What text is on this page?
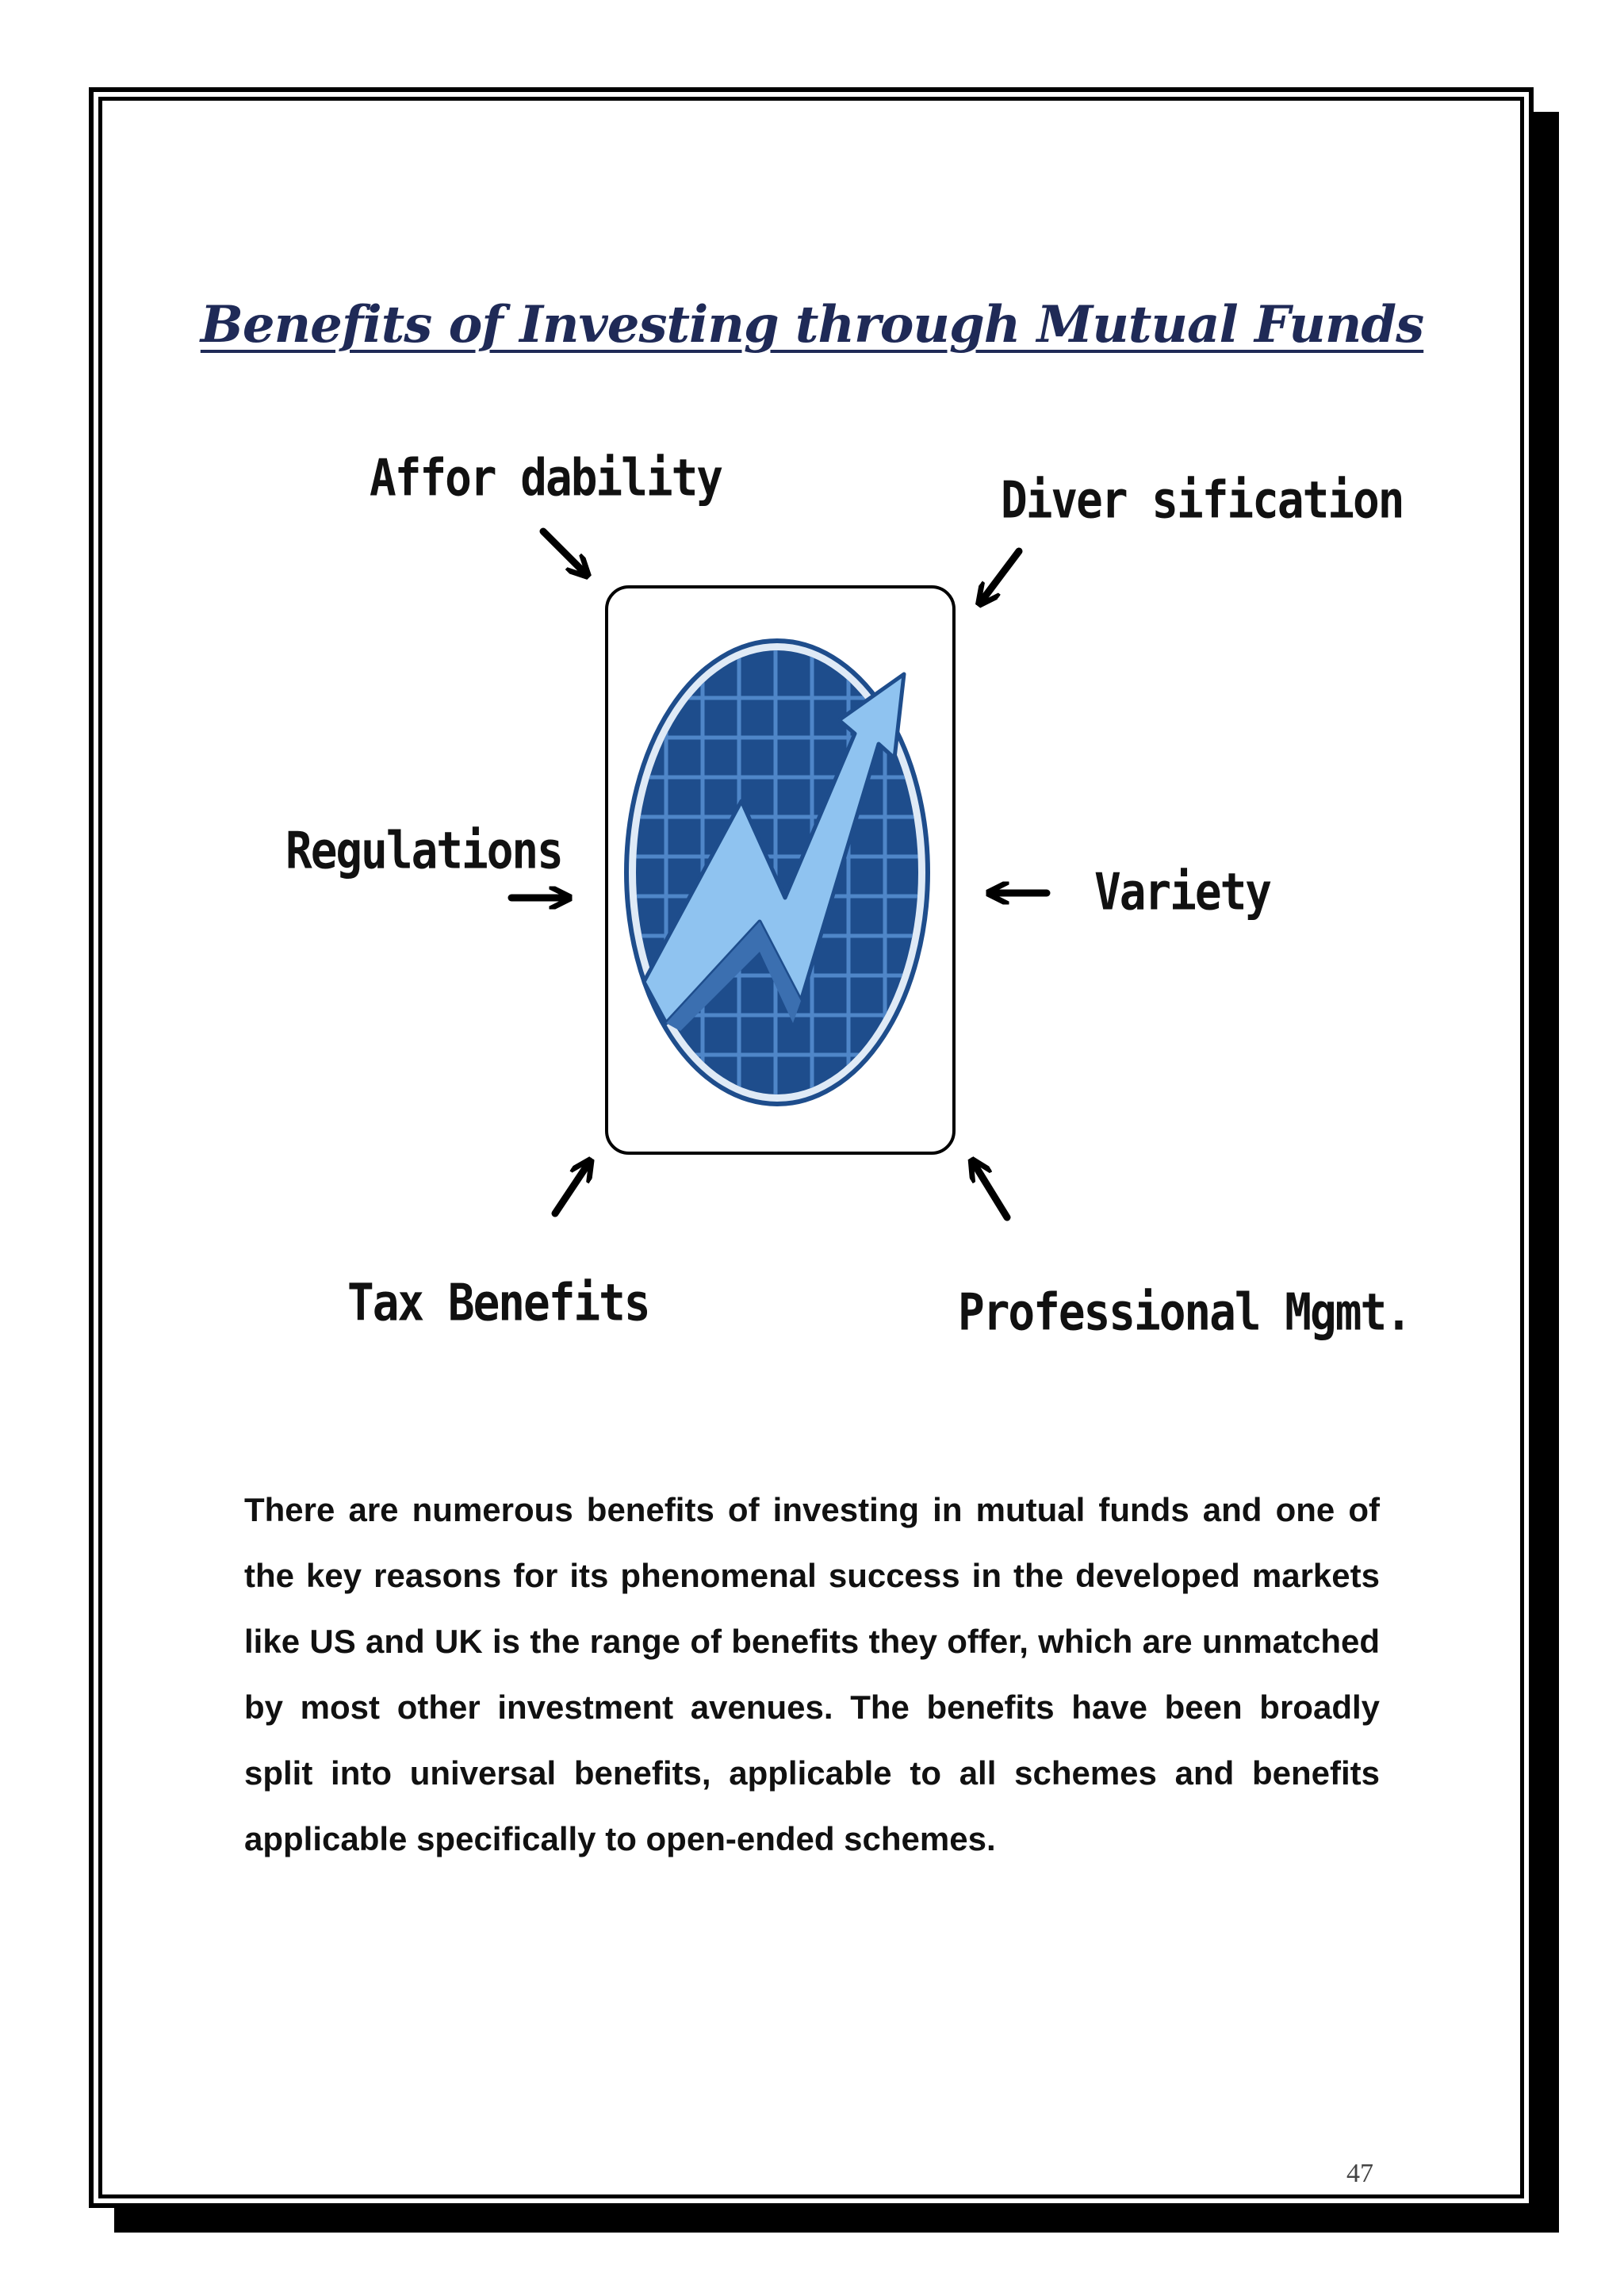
Benefits of Investing through Mutual Funds
Affor dability	Diver sification
Regulations
Variety
Tax Benefits	Professional Mgmt.
There are numerous benefits of investing in mutual funds and one of the key reasons for its phenomenal success in the developed markets like US and UK is the range of benefits they offer, which are unmatched by most other investment avenues. The benefits have been broadly split into universal benefits, applicable to all schemes and benefits applicable specifically to open-ended schemes.
47
